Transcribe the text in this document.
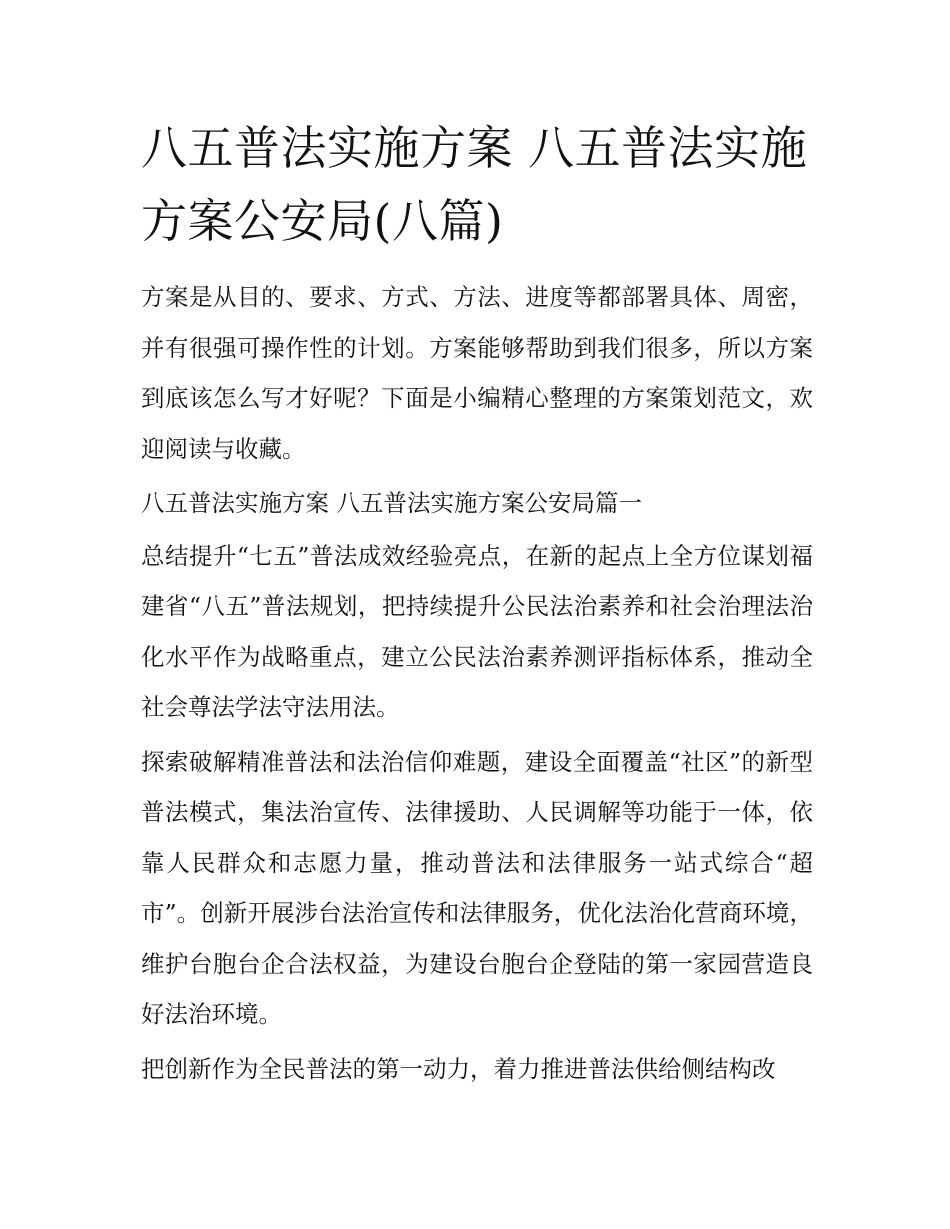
八五普法实施方案 八五普法实施方案公安局(八篇)

方案是从目的、要求、方式、方法、进度等都部署具体、周密，并有很强可操作性的计划。方案能够帮助到我们很多，所以方案到底该怎么写才好呢？下面是小编精心整理的方案策划范文，欢迎阅读与收藏。

八五普法实施方案 八五普法实施方案公安局篇一

总结提升“七五”普法成效经验亮点，在新的起点上全方位谋划福建省“八五”普法规划，把持续提升公民法治素养和社会治理法治化水平作为战略重点，建立公民法治素养测评指标体系，推动全社会尊法学法守法用法。

探索破解精准普法和法治信仰难题，建设全面覆盖“社区”的新型普法模式，集法治宣传、法律援助、人民调解等功能于一体，依靠人民群众和志愿力量，推动普法和法律服务一站式综合“超市”。创新开展涉台法治宣传和法律服务，优化法治化营商环境，维护台胞台企合法权益，为建设台胞台企登陆的第一家园营造良好法治环境。

把创新作为全民普法的第一动力，着力推进普法供给侧结构改
